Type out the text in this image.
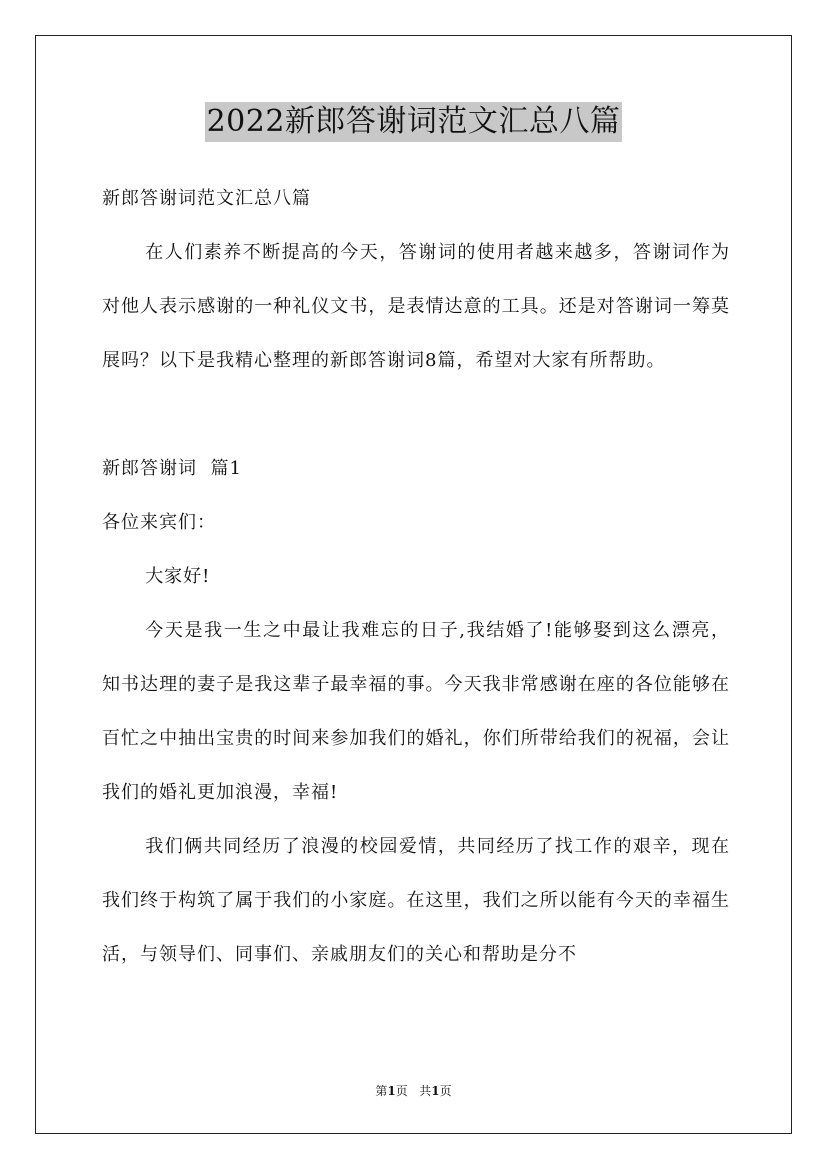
2022新郎答谢词范文汇总八篇

新郎答谢词范文汇总八篇

在人们素养不断提高的今天，答谢词的使用者越来越多，答谢词作为对他人表示感谢的一种礼仪文书，是表情达意的工具。还是对答谢词一筹莫展吗？以下是我精心整理的新郎答谢词8篇，希望对大家有所帮助。

新郎答谢词  篇1

各位来宾们：

大家好!

今天是我一生之中最让我难忘的日子,我结婚了!能够娶到这么漂亮，知书达理的妻子是我这辈子最幸福的事。今天我非常感谢在座的各位能够在百忙之中抽出宝贵的时间来参加我们的婚礼，你们所带给我们的祝福，会让我们的婚礼更加浪漫，幸福!

我们俩共同经历了浪漫的校园爱情，共同经历了找工作的艰辛，现在我们终于构筑了属于我们的小家庭。在这里，我们之所以能有今天的幸福生活，与领导们、同事们、亲戚朋友们的关心和帮助是分不

第1页   共1页
